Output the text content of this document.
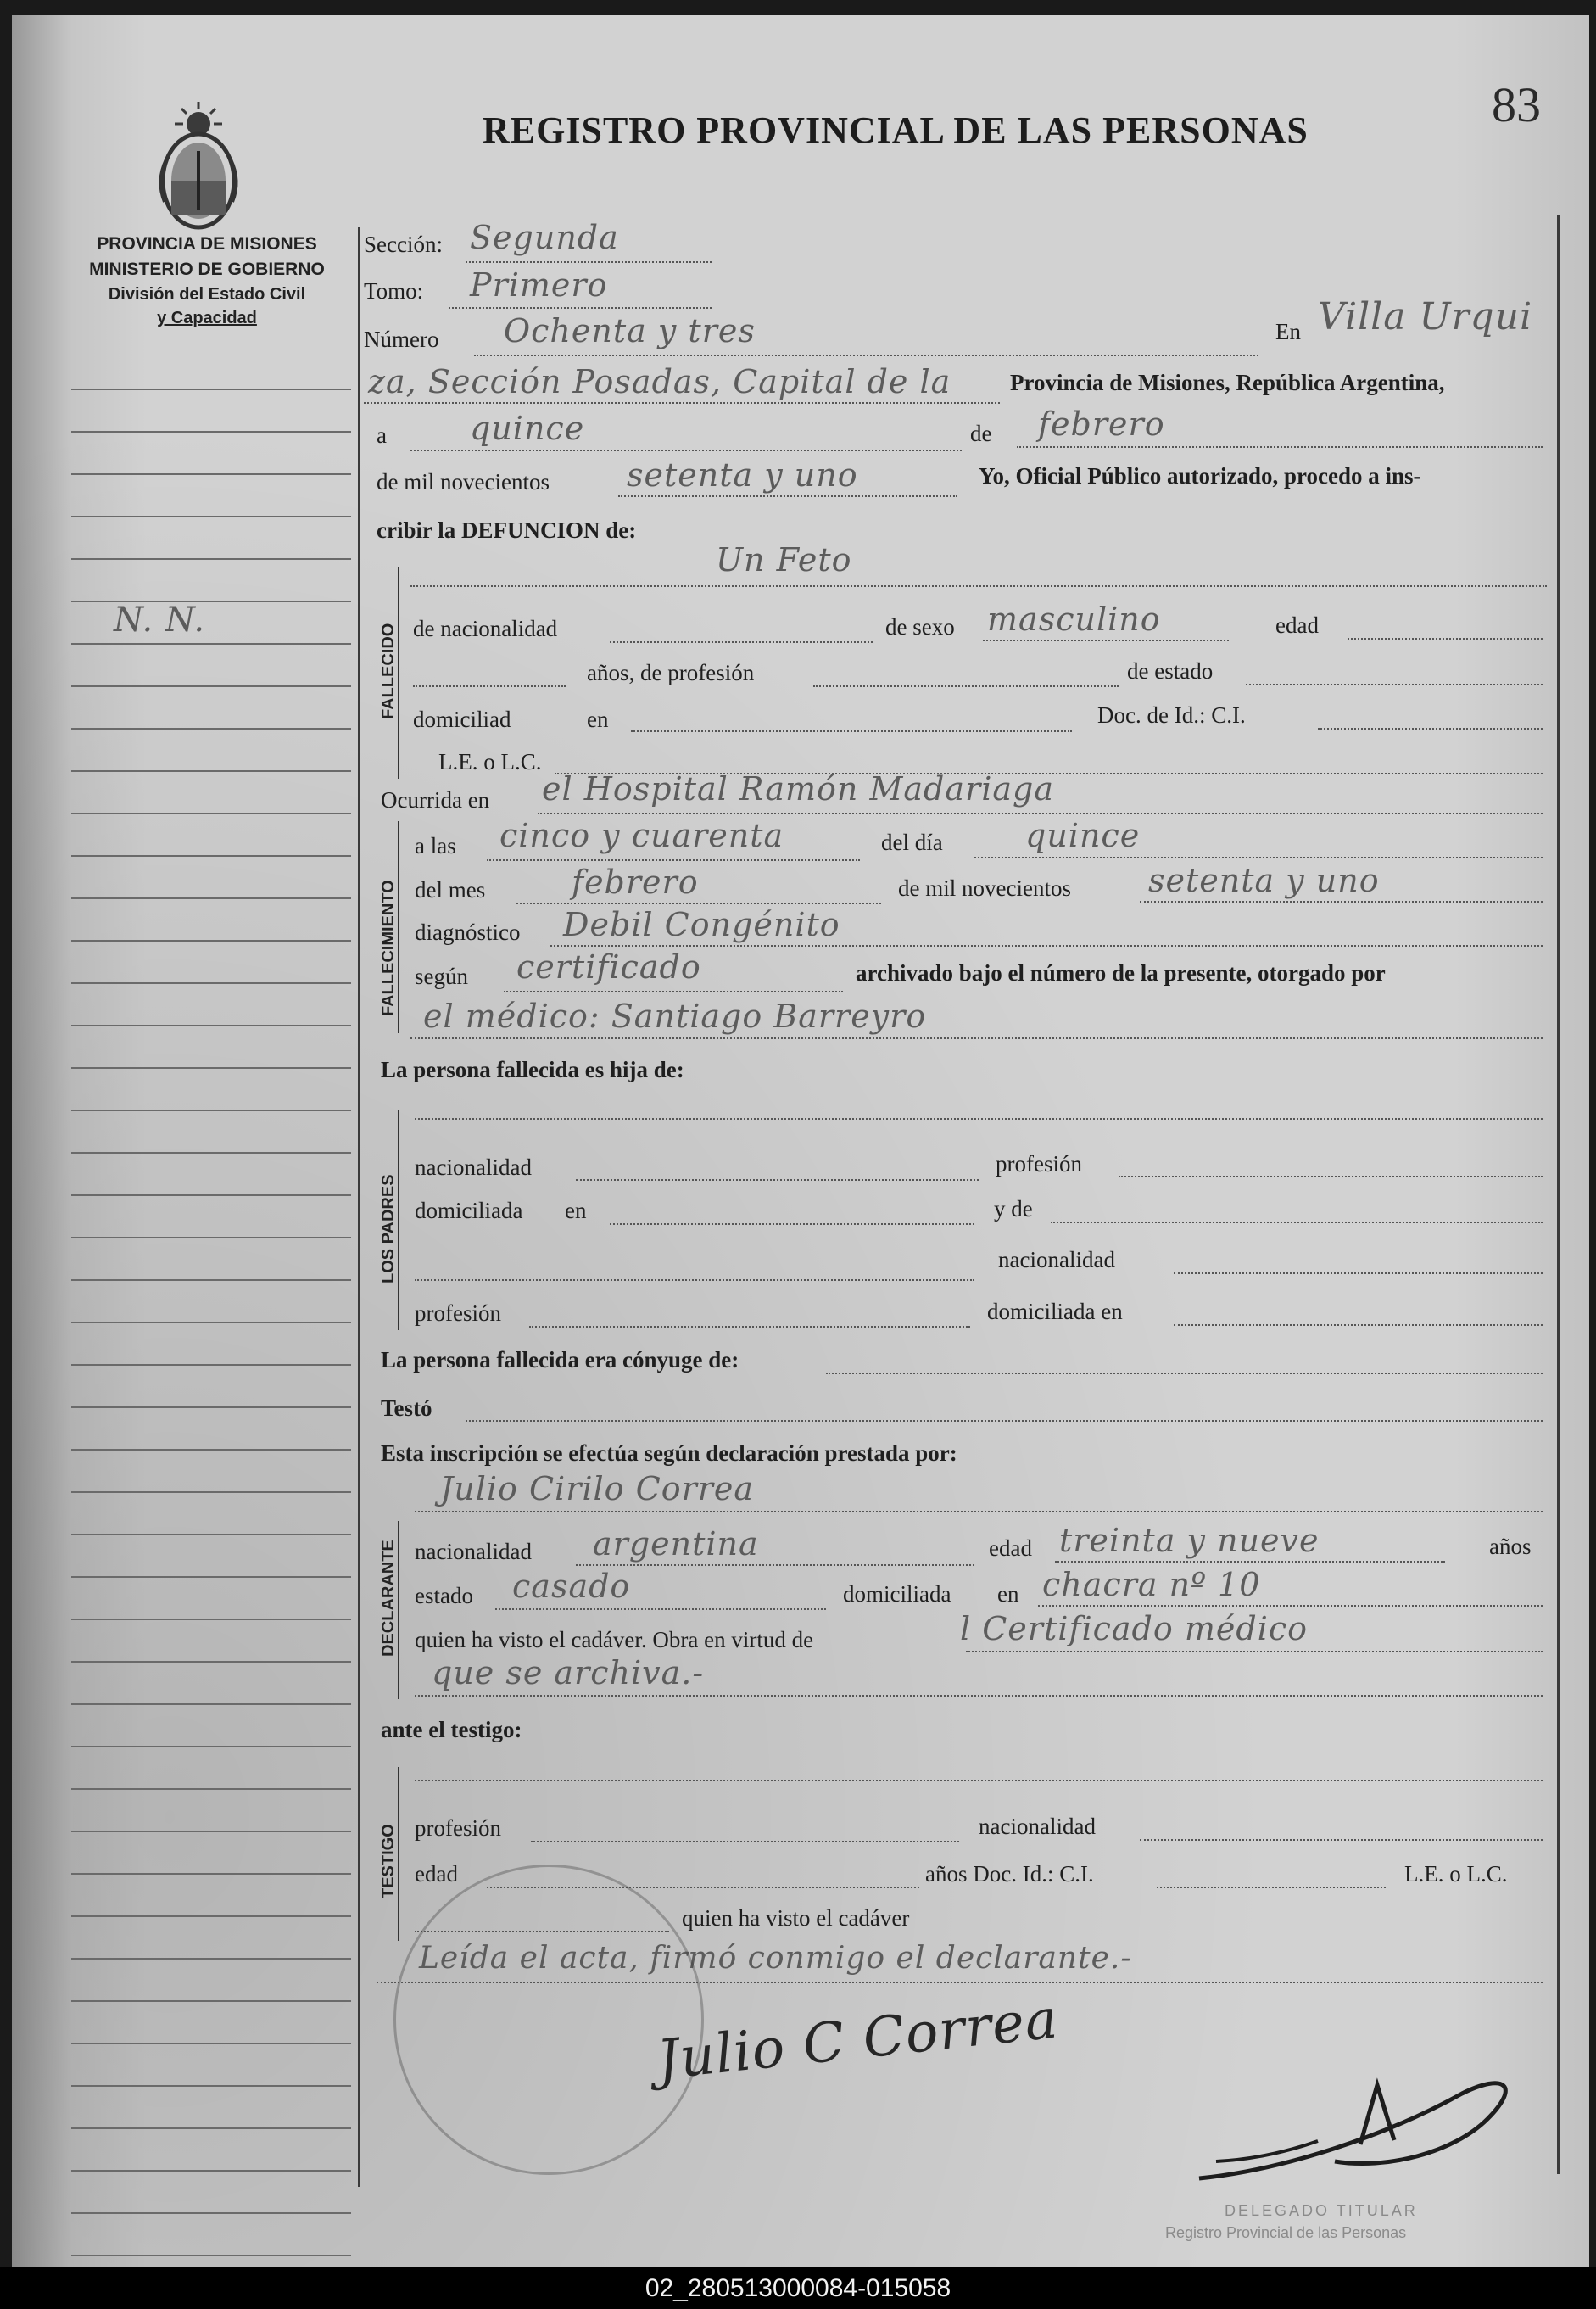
REGISTRO PROVINCIAL DE LAS PERSONAS	83
PROVINCIA DE MISIONES
MINISTERIO DE GOBIERNO
División del Estado Civil
y Capacidad
N. N.
Sección: Segunda
Tomo: Primero
Número Ochenta y tres	En Villa Urqui
za, Sección Posadas, Capital de la	Provincia de Misiones, República Argentina,
a	quince	de febrero
de mil novecientos setenta y uno	Yo, Oficial Público autorizado, procedo a ins-
cribir la DEFUNCION de:
FALLECIDO
Un Feto
de nacionalidad	de sexo masculino	edad
años, de profesión	de estado
domiciliad	en	Doc. de Id.: C.I.
L.E. o L.C.
Ocurrida en el Hospital Ramón Madariaga
FALLECIMIENTO
a las cinco y cuarenta	del día	quince
del mes	febrero	de mil novecientos setenta y uno
diagnóstico Debil Congénito
según certificado	archivado bajo el número de la presente, otorgado por
el médico: Santiago Barreyro
La persona fallecida es hija de:
LOS PADRES
nacionalidad	profesión
domiciliada en	y de
nacionalidad
profesión	domiciliada en
La persona fallecida era cónyuge de:
Testó
Esta inscripción se efectúa según declaración prestada por:
Julio Cirilo Correa
DECLARANTE nacionalidad argentina	edad treinta y nueve	años
estado casado	domiciliada en chacra nº 10
quien ha visto el cadáver. Obra en virtud de	l Certificado médico
que se archiva.-
ante el testigo:
TESTIGO profesión	nacionalidad
edad	años Doc. Id.: C.I.	L.E. o L.C.
quien ha visto el cadáver
Leída el acta, firmó conmigo el declarante.-
Julio C Correa
DELEGADO TITULAR
Registro Provincial de las Personas
02_280513000084-015058
